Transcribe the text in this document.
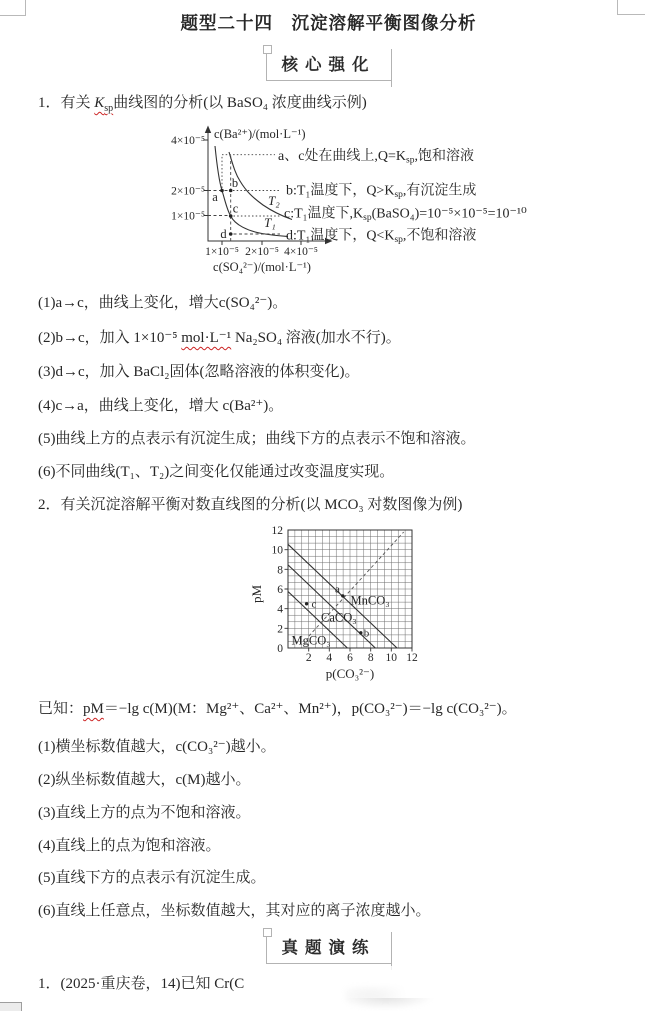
题型二十四　沉淀溶解平衡图像分析
核心强化
1．有关 $K_{sp}$曲线图的分析(以 BaSO₄ 浓度曲线示例)
c(Ba²⁺)/(mol·L⁻¹)
4×10⁻⁵
2×10⁻⁵
1×10⁻⁵
1×10⁻⁵ 2×10⁻⁵ 4×10⁻⁵
c(SO₄²⁻)/(mol·L⁻¹)
a
b
c
d
T₂
T₁
a、c处在曲线上,Q=Ksp,饱和溶液
b:T₁温度下，Q>Ksp,有沉淀生成
c:T₁温度下,Ksp(BaSO₄)=10⁻⁵×10⁻⁵=10⁻¹⁰
d:T₁温度下，Q<Ksp,不饱和溶液
(1)a→c，曲线上变化，增大c(SO₄²⁻)。
(2)b→c，加入 1×10⁻⁵ mol·L⁻¹ Na₂SO₄ 溶液(加水不行)。
(3)d→c，加入 BaCl₂固体(忽略溶液的体积变化)。
(4)c→a，曲线上变化，增大 c(Ba²⁺)。
(5)曲线上方的点表示有沉淀生成；曲线下方的点表示不饱和溶液。
(6)不同曲线(T₁、T₂)之间变化仅能通过改变温度实现。
2．有关沉淀溶解平衡对数直线图的分析(以 MCO₃ 对数图像为例)
a
b
c	MnCO₃
CaCO₃
MgCO₃
12
10
8
6
4
2
0
2 4 6 8 10 12
pM
p(CO₃²⁻)
已知：pM＝−lg c(M)(M：Mg²⁺、Ca²⁺、Mn²⁺)，p(CO₃²⁻)＝−lg c(CO₃²⁻)。
(1)横坐标数值越大，c(CO₃²⁻)越小。
(2)纵坐标数值越大，c(M)越小。
(3)直线上方的点为不饱和溶液。
(4)直线上的点为饱和溶液。
(5)直线下方的点表示有沉淀生成。
(6)直线上任意点，坐标数值越大，其对应的离子浓度越小。
真题演练
1．(2025·重庆卷，14)已知 Cr(C
